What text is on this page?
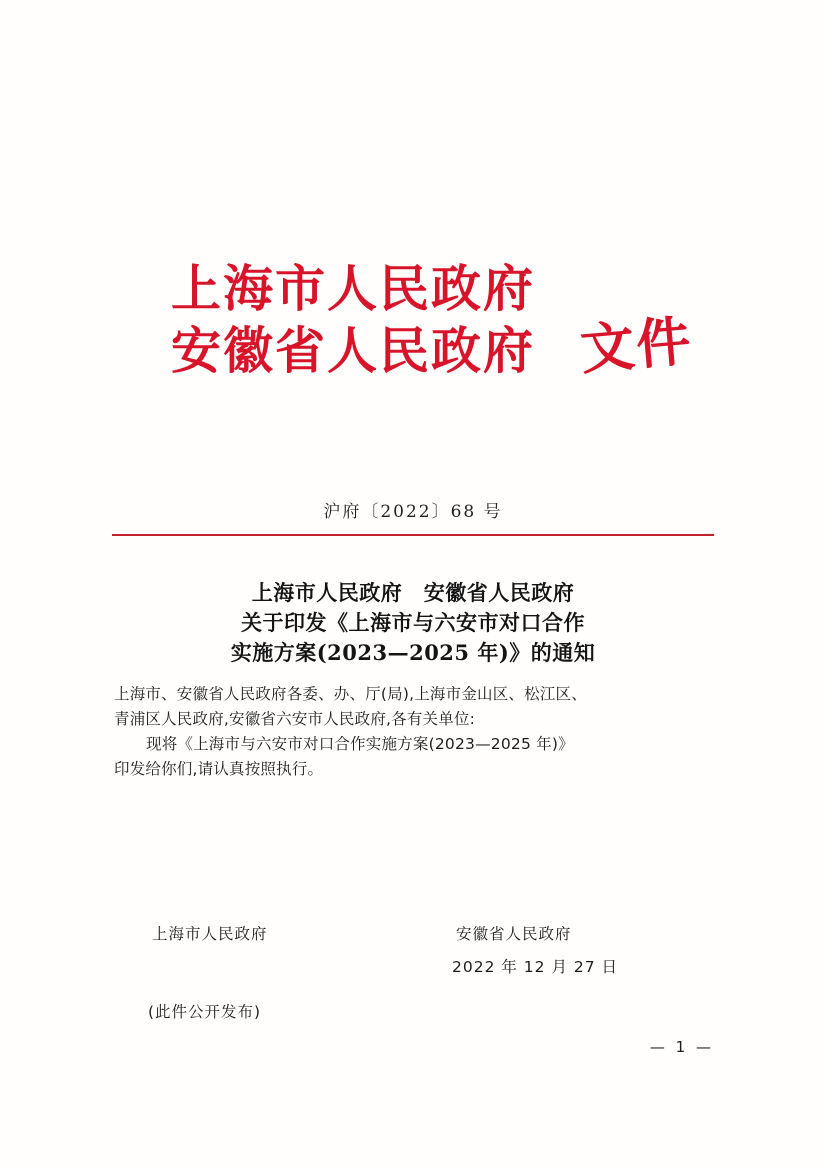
上海市人民政府
安徽省人民政府 文件
沪府〔2022〕68 号
上海市人民政府　安徽省人民政府
关于印发《上海市与六安市对口合作
实施方案(2023—2025 年)》的通知
上海市、安徽省人民政府各委、办、厅(局),上海市金山区、松江区、
青浦区人民政府,安徽省六安市人民政府,各有关单位:
现将《上海市与六安市对口合作实施方案(2023—2025 年)》
印发给你们,请认真按照执行。
上海市人民政府	安徽省人民政府
2022 年 12 月 27 日
(此件公开发布)
— 1 —
